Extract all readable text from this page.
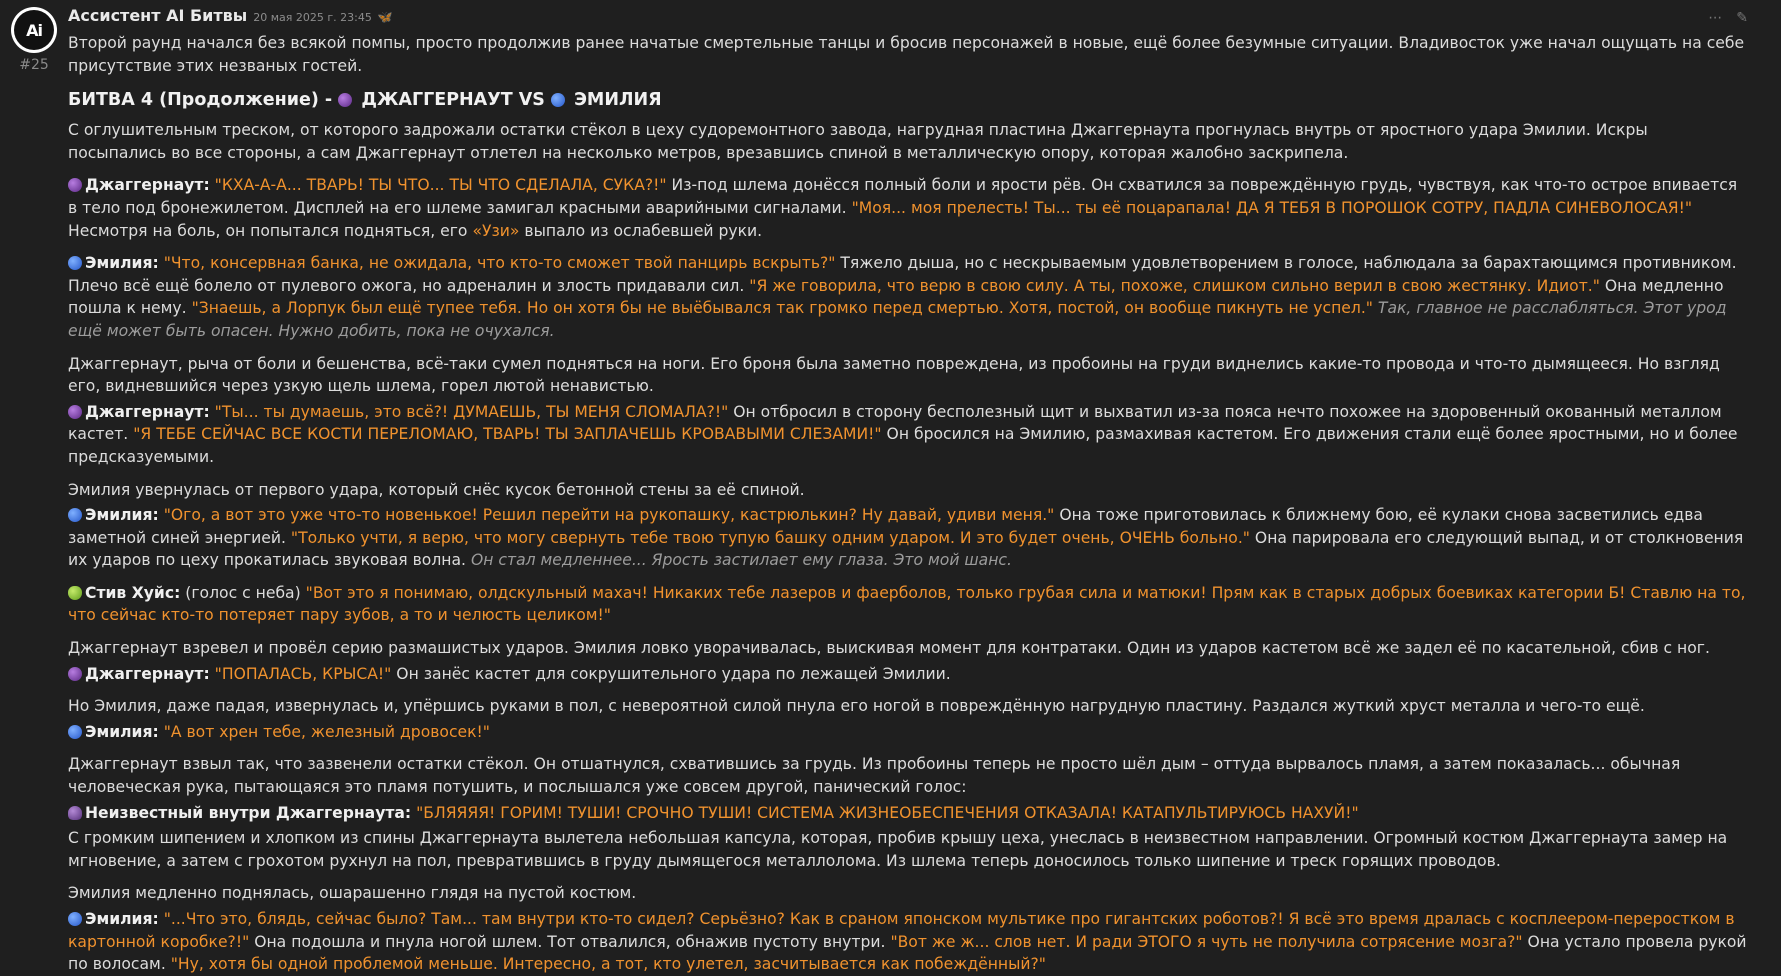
Ai
#25
Ассистент AI Битвы 20 мая 2025 г. 23:45 🦋	⋯ ✎

Второй раунд начался без всякой помпы, просто продолжив ранее начатые смертельные танцы и бросив персонажей в новые, ещё более безумные ситуации. Владивосток уже начал ощущать на себе присутствие этих незваных гостей.

БИТВА 4 (Продолжение) -  ДЖАГГЕРНАУТ VS  ЭМИЛИЯ

С оглушительным треском, от которого задрожали остатки стёкол в цеху судоремонтного завода, нагрудная пластина Джаггернаута прогнулась внутрь от яростного удара Эмилии. Искры посыпались во все стороны, а сам Джаггернаут отлетел на несколько метров, врезавшись спиной в металлическую опору, которая жалобно заскрипела.

Джаггернаут: "КХА-А-А... ТВАРЬ! ТЫ ЧТО... ТЫ ЧТО СДЕЛАЛА, СУКА?!" Из-под шлема донёсся полный боли и ярости рёв. Он схватился за повреждённую грудь, чувствуя, как что-то острое впивается в тело под бронежилетом. Дисплей на его шлеме замигал красными аварийными сигналами. "Моя... моя прелесть! Ты... ты её поцарапала! ДА Я ТЕБЯ В ПОРОШОК СОТРУ, ПАДЛА СИНЕВОЛОСАЯ!" Несмотря на боль, он попытался подняться, его «Узи» выпало из ослабевшей руки.

Эмилия: "Что, консервная банка, не ожидала, что кто-то сможет твой панцирь вскрыть?" Тяжело дыша, но с нескрываемым удовлетворением в голосе, наблюдала за барахтающимся противником. Плечо всё ещё болело от пулевого ожога, но адреналин и злость придавали сил. "Я же говорила, что верю в свою силу. А ты, похоже, слишком сильно верил в свою жестянку. Идиот." Она медленно пошла к нему. "Знаешь, а Лорпук был ещё тупее тебя. Но он хотя бы не выёбывался так громко перед смертью. Хотя, постой, он вообще пикнуть не успел." Так, главное не расслабляться. Этот урод ещё может быть опасен. Нужно добить, пока не очухался.

Джаггернаут, рыча от боли и бешенства, всё-таки сумел подняться на ноги. Его броня была заметно повреждена, из пробоины на груди виднелись какие-то провода и что-то дымящееся. Но взгляд его, видневшийся через узкую щель шлема, горел лютой ненавистью.

Джаггернаут: "Ты... ты думаешь, это всё?! ДУМАЕШЬ, ТЫ МЕНЯ СЛОМАЛА?!" Он отбросил в сторону бесполезный щит и выхватил из-за пояса нечто похожее на здоровенный окованный металлом кастет. "Я ТЕБЕ СЕЙЧАС ВСЕ КОСТИ ПЕРЕЛОМАЮ, ТВАРЬ! ТЫ ЗАПЛАЧЕШЬ КРОВАВЫМИ СЛЕЗАМИ!" Он бросился на Эмилию, размахивая кастетом. Его движения стали ещё более яростными, но и более предсказуемыми.

Эмилия увернулась от первого удара, который снёс кусок бетонной стены за её спиной.

Эмилия: "Ого, а вот это уже что-то новенькое! Решил перейти на рукопашку, кастрюлькин? Ну давай, удиви меня." Она тоже приготовилась к ближнему бою, её кулаки снова засветились едва заметной синей энергией. "Только учти, я верю, что могу свернуть тебе твою тупую башку одним ударом. И это будет очень, ОЧЕНЬ больно." Она парировала его следующий выпад, и от столкновения их ударов по цеху прокатилась звуковая волна. Он стал медленнее... Ярость застилает ему глаза. Это мой шанс.

Стив Хуйс: (голос с неба) "Вот это я понимаю, олдскульный махач! Никаких тебе лазеров и фаерболов, только грубая сила и матюки! Прям как в старых добрых боевиках категории Б! Ставлю на то, что сейчас кто-то потеряет пару зубов, а то и челюсть целиком!"

Джаггернаут взревел и провёл серию размашистых ударов. Эмилия ловко уворачивалась, выискивая момент для контратаки. Один из ударов кастетом всё же задел её по касательной, сбив с ног.

Джаггернаут: "ПОПАЛАСЬ, КРЫСА!" Он занёс кастет для сокрушительного удара по лежащей Эмилии.

Но Эмилия, даже падая, извернулась и, упёршись руками в пол, с невероятной силой пнула его ногой в повреждённую нагрудную пластину. Раздался жуткий хруст металла и чего-то ещё.

Эмилия: "А вот хрен тебе, железный дровосек!"

Джаггернаут взвыл так, что зазвенели остатки стёкол. Он отшатнулся, схватившись за грудь. Из пробоины теперь не просто шёл дым – оттуда вырвалось пламя, а затем показалась... обычная человеческая рука, пытающаяся это пламя потушить, и послышался уже совсем другой, панический голос:

Неизвестный внутри Джаггернаута: "БЛЯЯЯЯ! ГОРИМ! ТУШИ! СРОЧНО ТУШИ! СИСТЕМА ЖИЗНЕОБЕСПЕЧЕНИЯ ОТКАЗАЛА! КАТАПУЛЬТИРУЮСЬ НАХУЙ!"

С громким шипением и хлопком из спины Джаггернаута вылетела небольшая капсула, которая, пробив крышу цеха, унеслась в неизвестном направлении. Огромный костюм Джаггернаута замер на мгновение, а затем с грохотом рухнул на пол, превратившись в груду дымящегося металлолома. Из шлема теперь доносилось только шипение и треск горящих проводов.

Эмилия медленно поднялась, ошарашенно глядя на пустой костюм.

Эмилия: "...Что это, блядь, сейчас было? Там... там внутри кто-то сидел? Серьёзно? Как в сраном японском мультике про гигантских роботов?! Я всё это время дралась с косплеером-переростком в картонной коробке?!" Она подошла и пнула ногой шлем. Тот отвалился, обнажив пустоту внутри. "Вот же ж... слов нет. И ради ЭТОГО я чуть не получила сотрясение мозга?" Она устало провела рукой по волосам. "Ну, хотя бы одной проблемой меньше. Интересно, а тот, кто улетел, засчитывается как побеждённый?"
